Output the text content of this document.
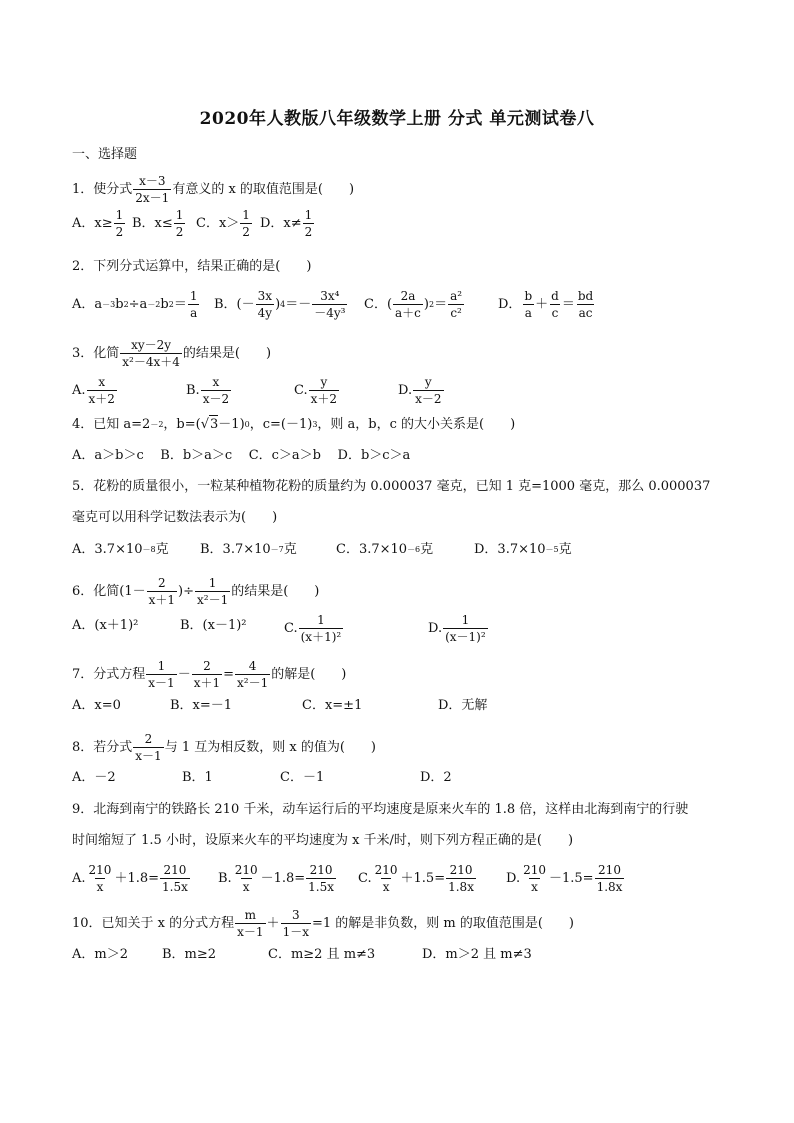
2020年人教版八年级数学上册 分式 单元测试卷八
一、选择题
1．使分式 $\frac{x-3}{2x-1}$ 有意义的 x 的取值范围是(　　)
A．$x\ge \frac{1}{2}$ B．$x\le \frac{1}{2}$ C．$x> \frac{1}{2}$ D．$x\ne \frac{1}{2}$
2．下列分式运算中，结果正确的是(　　)
A．a －3 b 2 ÷a －2 b $2 = \frac{1}{a}$ B．(－ $\frac{3x}{4y}$ ) $4 =- \frac{\text{3x⁴}}{\text{－4y³}}$ C．( $\frac{2a}{a+c}$ ) $2 = \frac{\text{a²}}{\text{c²}}$	D． $\frac{b}{a} + \frac{d}{c} = \frac{bd}{ac}$
3．化简 $\frac{xy-2y}{\text{x²－4x＋4}}$ 的结果是(　　)
A. $\frac{x}{x+2}$	B. $\frac{x}{x-2}$	C. $\frac{y}{x+2}$	D. $\frac{y}{x-2}$
4．已知 a=2 －2 ，b=( √ 3 －1) 0 ，c=(－1) 3 ，则 a，b，c 的大小关系是(　　)
A．a＞b＞c    B．b＞a＞c    C．c＞a＞b    D．b＞c＞a
5．花粉的质量很小，一粒某种植物花粉的质量约为 0.000037 毫克，已知 1 克=1000 毫克，那么 0.000037
毫克可以用科学记数法表示为(　　)
A．3.7×10 －8 克 B．3.7×10 －7 克	C．3.7×10 －6 克	D．3.7×10 －5 克
6．化简($1- \frac{2}{x+1}$ )÷ $\frac{1}{\text{x²－1}}$ 的结果是(　　)
A．(x＋1)²	B．(x－1)²	C. $\frac{1}{\text{(x＋1)²}}$	D. $\frac{1}{\text{(x－1)²}}$
7．分式方程 $\frac{1}{x-1} - \frac{2}{x+1} = \frac{4}{\text{x²－1}}$ 的解是(　　)
A．x=0	B．x=－1	C．x=±1	D．无解
8．若分式 $\frac{2}{x-1}$ 与 1 互为相反数，则 x 的值为(　　)
A．－2	B．1	C．－1	D．2
9．北海到南宁的铁路长 210 千米，动车运行后的平均速度是原来火车的 1.8 倍，这样由北海到南宁的行驶
时间缩短了 1.5 小时，设原来火车的平均速度为 x 千米/时，则下列方程正确的是(　　)
A. $\frac{210}{x} +1.8= \frac{210}{1.5x} B$. $\frac{210}{x} -1.8= \frac{210}{1.5x} C$. $\frac{210}{x} +1.5= \frac{210}{1.8x} D$. $\frac{210}{x} -1.5= \frac{210}{1.8x}$
10．已知关于 x 的分式方程 $\frac{m}{x-1} + \frac{3}{1-x} =1$ 的解是非负数，则 m 的取值范围是(　　)
A．m＞2	B．m≥2	C．m≥2 且 m≠3	D．m＞2 且 m≠3
